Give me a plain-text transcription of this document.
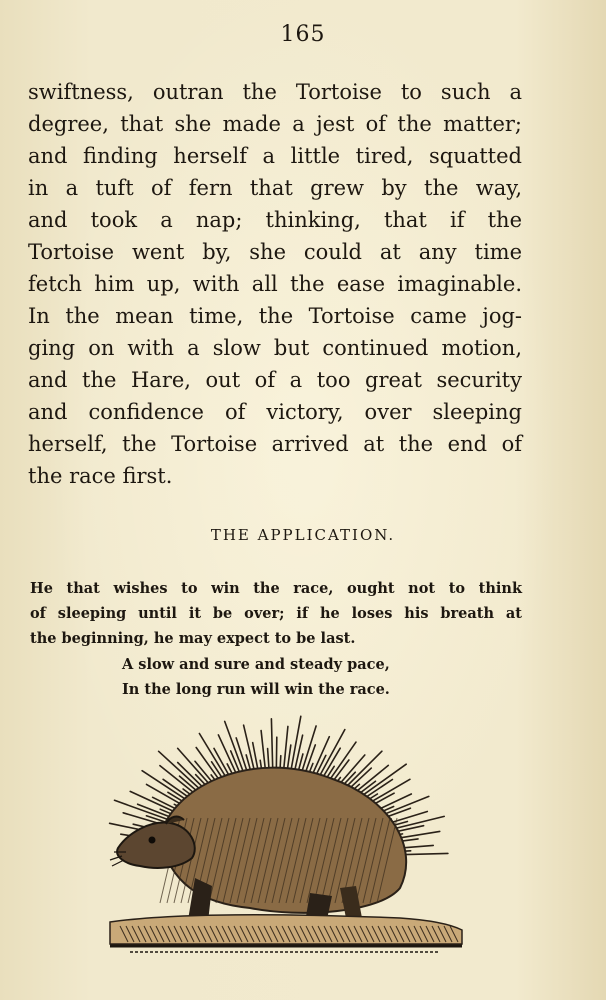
165
swiftness, outran the Tortoise to such a
degree, that she made a jest of the matter;
and finding herself a little tired, squatted
in a tuft of fern that grew by the way,
and took a nap; thinking, that if the
Tortoise went by, she could at any time
fetch him up, with all the ease imaginable.
In the mean time, the Tortoise came jog-
ging on with a slow but continued motion,
and the Hare, out of a too great security
and confidence of victory, over sleeping
herself, the Tortoise arrived at the end of
the race first.
THE APPLICATION.
He that wishes to win the race, ought not to think
of sleeping until it be over; if he loses his breath at
the beginning, he may expect to be last.
A slow and sure and steady pace,
In the long run will win the race.
